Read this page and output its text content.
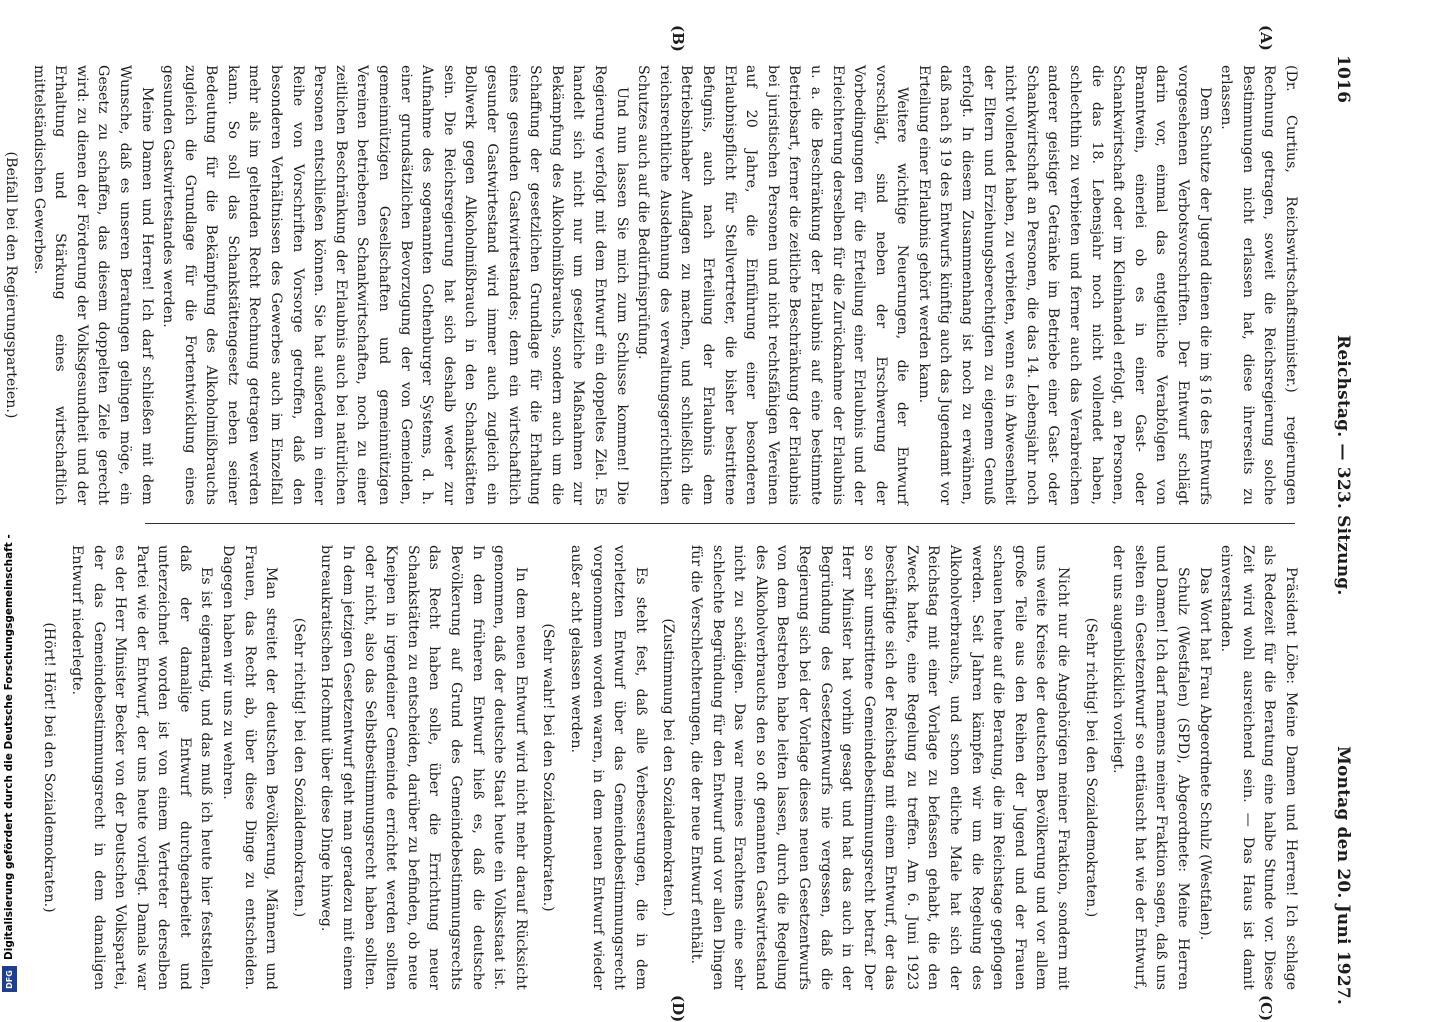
1016
Reichstag. — 323. Sitzung.
Montag den 20. Juni 1927.
(A)
(B)
(C)
(D)

(Dr. Curtius, Reichswirtschaftsminister.) regierungen Rechnung getragen, soweit die Reichsregierung solche Bestimmungen nicht erlassen hat, diese ihrerseits zu erlassen.

Dem Schutze der Jugend dienen die im § 16 des Entwurfs vorgesehenen Verbotsvorschriften. Der Entwurf schlägt darin vor, einmal das entgeltliche Verabfolgen von Branntwein, einerlei ob es in einer Gast- oder Schankwirtschaft oder im Kleinhandel erfolgt, an Personen, die das 18. Lebensjahr noch nicht vollendet haben, schlechthin zu verbieten und ferner auch das Verabreichen anderer geistiger Getränke im Betriebe einer Gast- oder Schankwirtschaft an Personen, die das 14. Lebensjahr noch nicht vollendet haben, zu verbieten, wenn es in Abwesenheit der Eltern und Erziehungsberechtigten zu eigenem Genuß erfolgt. In diesem Zusammenhang ist noch zu erwähnen, daß nach § 19 des Entwurfs künftig auch das Jugendamt vor Erteilung einer Erlaubnis gehört werden kann.

Weitere wichtige Neuerungen, die der Entwurf vorschlägt, sind neben der Erschwerung der Vorbedingungen für die Erteilung einer Erlaubnis und der Erleichterung derselben für die Zurücknahme der Erlaubnis u. a. die Beschränkung der Erlaubnis auf eine bestimmte Betriebsart, ferner die zeitliche Beschränkung der Erlaubnis bei juristischen Personen und nicht rechtsfähigen Vereinen auf 20 Jahre, die Einführung einer besonderen Erlaubnispflicht für Stellvertreter, die bisher bestrittene Befugnis, auch nach Erteilung der Erlaubnis dem Betriebsinhaber Auflagen zu machen, und schließlich die reichsrechtliche Ausdehnung des verwaltungsgerichtlichen Schutzes auch auf die Bedürfnisprüfung.

Und nun lassen Sie mich zum Schlusse kommen! Die Regierung verfolgt mit dem Entwurf ein doppeltes Ziel. Es handelt sich nicht nur um gesetzliche Maßnahmen zur Bekämpfung des Alkoholmißbrauchs, sondern auch um die Schaffung der gesetzlichen Grundlage für die Erhaltung eines gesunden Gastwirtestandes; denn ein wirtschaftlich gesunder Gastwirtestand wird immer auch zugleich ein Bollwerk gegen Alkoholmißbrauch in den Schankstätten sein. Die Reichsregierung hat sich deshalb weder zur Aufnahme des sogenannten Gothenburger Systems, d. h. einer grundsätzlichen Bevorzugung der von Gemeinden, gemeinnützigen Gesellschaften und gemeinnützigen Vereinen betriebenen Schankwirtschaften, noch zu einer zeitlichen Beschränkung der Erlaubnis auch bei natürlichen Personen entschließen können. Sie hat außerdem in einer Reihe von Vorschriften Vorsorge getroffen, daß den besonderen Verhältnissen des Gewerbes auch im Einzelfall mehr als im geltenden Recht Rechnung getragen werden kann. So soll das Schankstättengesetz neben seiner Bedeutung für die Bekämpfung des Alkoholmißbrauchs zugleich die Grundlage für die Fortentwicklung eines gesunden Gastwirtestandes werden.

Meine Damen und Herren! Ich darf schließen mit dem Wunsche, daß es unseren Beratungen gelingen möge, ein Gesetz zu schaffen, das diesem doppelten Ziele gerecht wird: zu dienen der Förderung der Volksgesundheit und der Erhaltung und Stärkung eines wirtschaftlich mittelständischen Gewerbes.

(Beifall bei den Regierungsparteien.)

Präsident Löbe: Meine Damen und Herren! Ich schlage als Redezeit für die Beratung eine halbe Stunde vor. Diese Zeit wird wohl ausreichend sein. — Das Haus ist damit einverstanden.

Das Wort hat Frau Abgeordnete Schulz (Westfalen).

Schulz (Westfalen) (SPD), Abgeordnete: Meine Herren und Damen! Ich darf namens meiner Fraktion sagen, daß uns selten ein Gesetzentwurf so enttäuscht hat wie der Entwurf, der uns augenblicklich vorliegt.

(Sehr richtig! bei den Sozialdemokraten.)

Nicht nur die Angehörigen meiner Fraktion, sondern mit uns weite Kreise der deutschen Bevölkerung und vor allem große Teile aus den Reihen der Jugend und der Frauen schauen heute auf die Beratung, die im Reichstage gepflogen werden. Seit Jahren kämpfen wir um die Regelung des Alkoholverbrauchs, und schon etliche Male hat sich der Reichstag mit einer Vorlage zu befassen gehabt, die den Zweck hatte, eine Regelung zu treffen. Am 6. Juni 1923 beschäftigte sich der Reichstag mit einem Entwurf, der das so sehr umstrittene Gemeindebestimmungsrecht betraf. Der Herr Minister hat vorhin gesagt und hat das auch in der Begründung des Gesetzentwurfs nie vergessen, daß die Regierung sich bei der Vorlage dieses neuen Gesetzentwurfs von dem Bestreben habe leiten lassen, durch die Regelung des Alkoholverbrauchs den so oft genannten Gastwirtestand nicht zu schädigen. Das war meines Erachtens eine sehr schlechte Begründung für den Entwurf und vor allen Dingen für die Verschlechterungen, die der neue Entwurf enthält.

(Zustimmung bei den Sozialdemokraten.)

Es steht fest, daß alle Verbesserungen, die in dem vorletzten Entwurf über das Gemeindebestimmungsrecht vorgenommen worden waren, in dem neuen Entwurf wieder außer acht gelassen werden.

(Sehr wahr! bei den Sozialdemokraten.)

In dem neuen Entwurf wird nicht mehr darauf Rücksicht genommen, daß der deutsche Staat heute ein Volksstaat ist. In dem früheren Entwurf hieß es, daß die deutsche Bevölkerung auf Grund des Gemeindebestimmungsrechts das Recht haben solle, über die Errichtung neuer Schankstätten zu entscheiden, darüber zu befinden, ob neue Kneipen in irgendeiner Gemeinde errichtet werden sollten oder nicht, also das Selbstbestimmungsrecht haben sollten. In dem jetzigen Gesetzentwurf geht man geradezu mit einem bureaukratischen Hochmut über diese Dinge hinweg.

(Sehr richtig! bei den Sozialdemokraten.)

Man streitet der deutschen Bevölkerung, Männern und Frauen, das Recht ab, über diese Dinge zu entscheiden. Dagegen haben wir uns zu wehren.

Es ist eigenartig, und das muß ich heute hier feststellen, daß der damalige Entwurf durchgearbeitet und unterzeichnet worden ist von einem Vertreter derselben Partei wie der Entwurf, der uns heute vorliegt. Damals war es der Herr Minister Becker von der Deutschen Volkspartei, der das Gemeindebestimmungsrecht in dem damaligen Entwurf niederlegte.

(Hört! Hört! bei den Sozialdemokraten.)

Digitalisierung gefördert durch die Deutsche Forschungsgemeinschaft -
DFG
